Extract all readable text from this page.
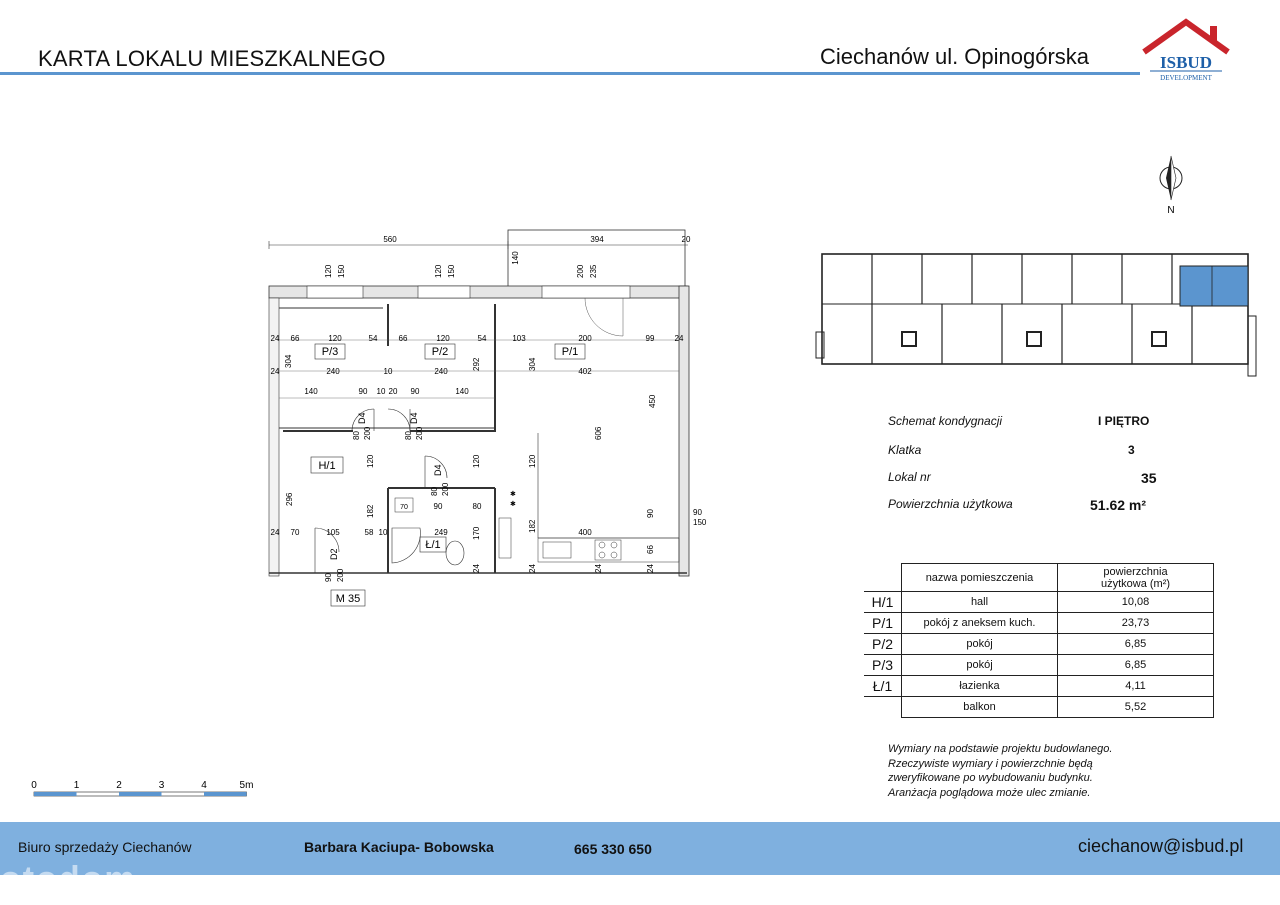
KARTA LOKALU MIESZKALNEGO	Ciechanów ul. Opinogórska	ISBUD
DEVELOPMENT
560	394	20
140
120 150	120 150	200 235
24 66	120	54	66	120	54	103	200	99	24
24	240	10	240	402
140	90 10 20 90	140
304	292	304
450
606
P/3	P/2	P/1
H/1
Ł/1
D4
80 200
D4
80 200
D4
80 200
D2
90 200
120	120	120
182
182
170
296
70	90	80
✱
✱
90	90
150
24 70	105	58 10	249	400
66
24	24	24	24
M 35
0	1	2	3	4	5m
N
Schemat kondygnacji	I PIĘTRO
Klatka	3
Lokal nr	35
Powierzchnia użytkowa	51.62 m²
	nazwa pomieszczenia	powierzchnia
użytkowa (m²)

H/1	hall	10,08
P/1	pokój z aneksem kuch.	23,73
P/2	pokój	6,85
P/3	pokój	6,85
Ł/1	łazienka	4,11
	balkon	5,52
Wymiary na podstawie projektu budowlanego.
Rzeczywiste wymiary i powierzchnie będą
zweryfikowane po wybudowaniu budynku.
Aranżacja poglądowa może ulec zmianie.
Biuro sprzedaży Ciechanów	Barbara Kaciupa- Bobowska	665 330 650	ciechanow@isbud.pl
otodom
